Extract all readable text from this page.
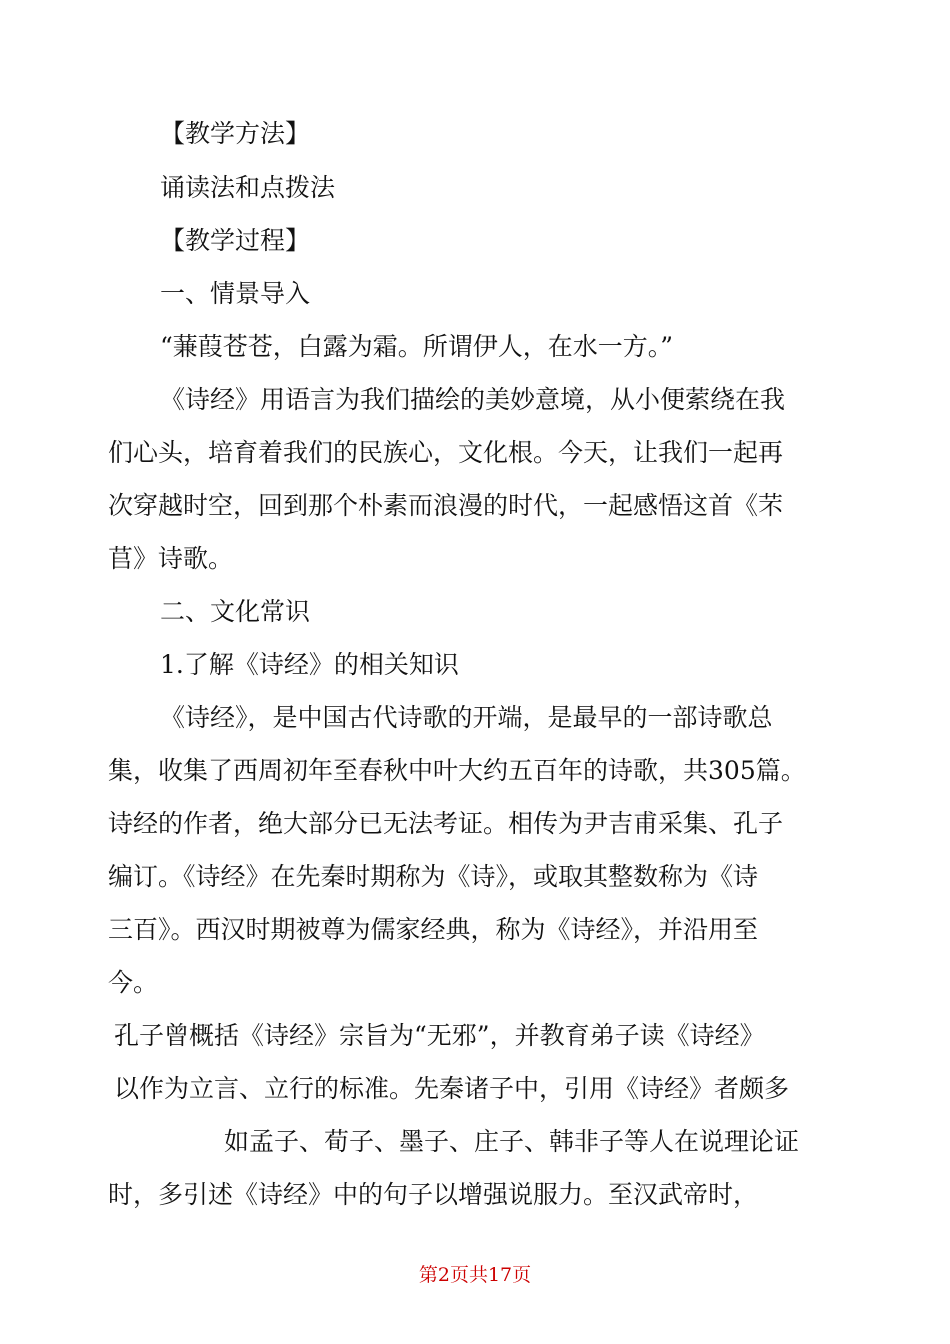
【教学方法】
诵读法和点拨法
【教学过程】
一、情景导入
“蒹葭苍苍，白露为霜。所谓伊人，在水一方。”
《诗经》用语言为我们描绘的美妙意境，从小便萦绕在我
们心头，培育着我们的民族心，文化根。今天，让我们一起再
次穿越时空，回到那个朴素而浪漫的时代，一起感悟这首《芣
苢》诗歌。
二、文化常识
1.了解《诗经》的相关知识
《诗经》，是中国古代诗歌的开端，是最早的一部诗歌总
集，收集了西周初年至春秋中叶大约五百年的诗歌，共305篇。
诗经的作者，绝大部分已无法考证。相传为尹吉甫采集、孔子
编订。《诗经》在先秦时期称为《诗》，或取其整数称为《诗
三百》。西汉时期被尊为儒家经典，称为《诗经》，并沿用至
今。
孔子曾概括《诗经》宗旨为“无邪”，并教育弟子读《诗经》
以作为立言、立行的标准。先秦诸子中，引用《诗经》者颇多
如孟子、荀子、墨子、庄子、韩非子等人在说理论证
时，多引述《诗经》中的句子以增强说服力。至汉武帝时，
第2页共17页
